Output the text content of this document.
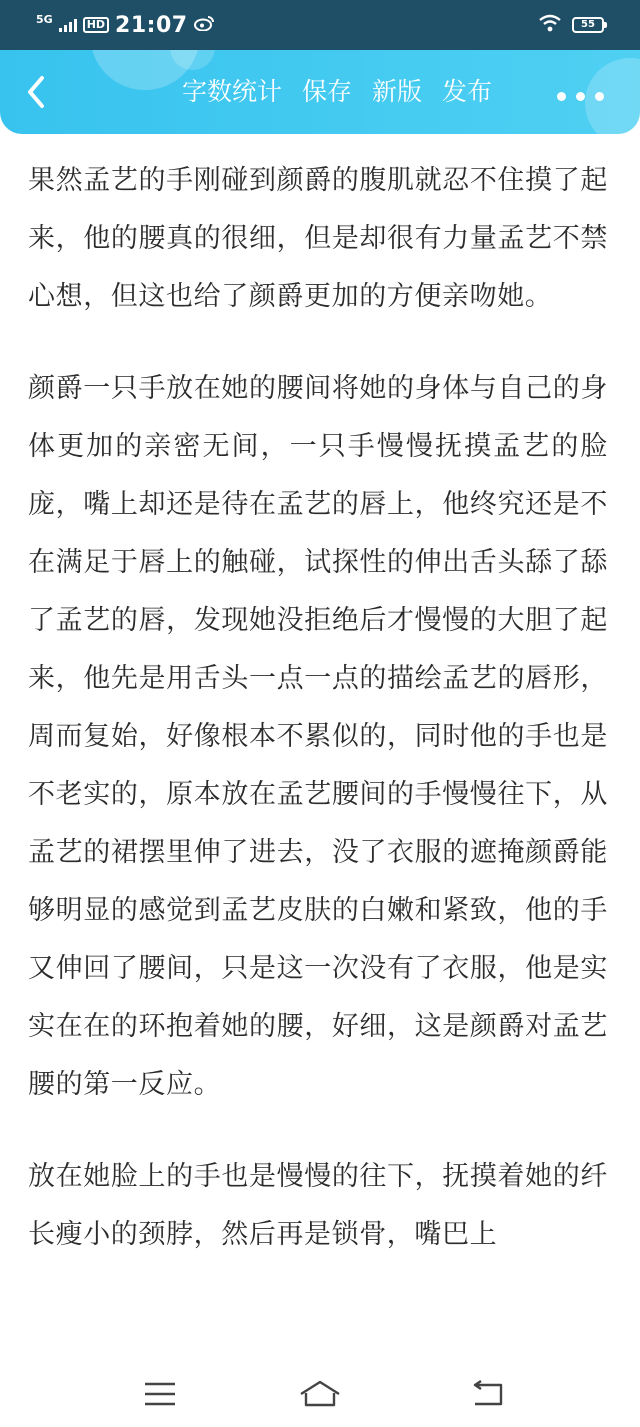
5G	HD 21:07	55
字数统计 保存 新版 发布

果然孟艺的手刚碰到颜爵的腹肌就忍不住摸了起来，他的腰真的很细，但是却很有力量孟艺不禁心想，但这也给了颜爵更加的方便亲吻她。

颜爵一只手放在她的腰间将她的身体与自己的身体更加的亲密无间，一只手慢慢抚摸孟艺的脸庞，嘴上却还是待在孟艺的唇上，他终究还是不在满足于唇上的触碰，试探性的伸出舌头舔了舔了孟艺的唇，发现她没拒绝后才慢慢的大胆了起来，他先是用舌头一点一点的描绘孟艺的唇形，周而复始，好像根本不累似的，同时他的手也是不老实的，原本放在孟艺腰间的手慢慢往下，从孟艺的裙摆里伸了进去，没了衣服的遮掩颜爵能够明显的感觉到孟艺皮肤的白嫩和紧致，他的手又伸回了腰间，只是这一次没有了衣服，他是实实在在的环抱着她的腰，好细，这是颜爵对孟艺腰的第一反应。

放在她脸上的手也是慢慢的往下，抚摸着她的纤长瘦小的颈脖，然后再是锁骨，嘴巴上
